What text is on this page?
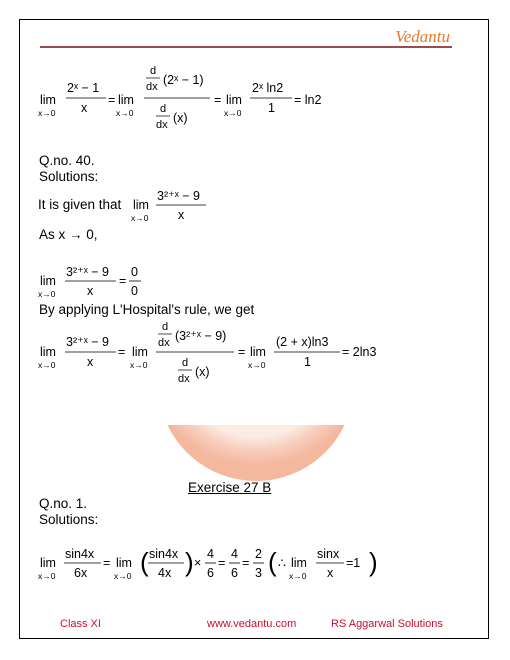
Vedantu
lim
x→0
2ˣ − 1
x
= lim
x→0
d
dx (2ˣ − 1)
d
dx (x)
= lim
x→0
2ˣ ln2
1
= ln2
Q.no. 40.
Solutions:
It is given that lim
x→0
3²⁺ˣ − 9
x
As x → 0,
lim
x→0
3²⁺ˣ − 9
x
=
0
0
By applying L'Hospital's rule, we get
lim
x→0
3²⁺ˣ − 9
x
= lim
x→0
d
dx (3²⁺ˣ − 9)
d
dx (x)
= lim
x→0
(2 + x)ln3
1
= 2ln3
Exercise 27 B
Q.no. 1.
Solutions:
lim
x→0
sin4x
6x
= lim
x→0 ( sin4x
4x ) ×
4
6
=
4
6
=
2
3 ( ∴ lim
x→0
sinx
x
=1 )
Class XI	www.vedantu.com	RS Aggarwal Solutions
